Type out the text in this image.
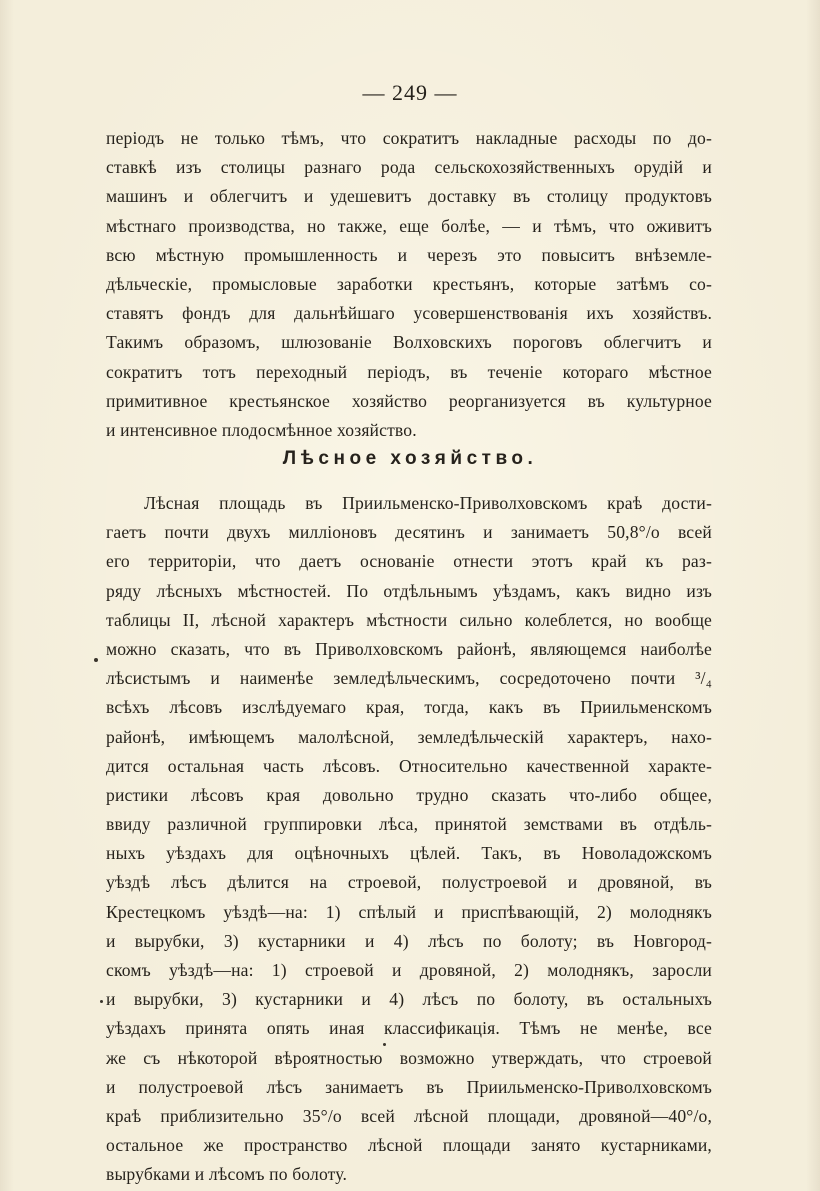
— 249 —
періодъ не только тѣмъ, что сократитъ накладные расходы по до-
ставкѣ изъ столицы разнаго рода сельскохозяйственныхъ орудій и
машинъ и облегчитъ и удешевитъ доставку въ столицу продуктовъ
мѣстнаго производства, но также, еще болѣе, — и тѣмъ, что оживитъ
всю мѣстную промышленность и черезъ это повыситъ внѣземле-
дѣльческіе, промысловые заработки крестьянъ, которые затѣмъ со-
ставятъ фондъ для дальнѣйшаго усовершенствованія ихъ хозяйствъ.
Такимъ образомъ, шлюзованіе Волховскихъ пороговъ облегчитъ и
сократитъ тотъ переходный періодъ, въ теченіе котораго мѣстное
примитивное крестьянское хозяйство реорганизуется въ культурное
и интенсивное плодосмѣнное хозяйство.
Лѣсное хозяйство.
Лѣсная площадь въ Приильменско-Приволховскомъ краѣ дости-
гаетъ почти двухъ милліоновъ десятинъ и занимаетъ 50,8°/о всей
его территоріи, что даетъ основаніе отнести этотъ край къ раз-
ряду лѣсныхъ мѣстностей. По отдѣльнымъ уѣздамъ, какъ видно изъ
таблицы II, лѣсной характеръ мѣстности сильно колеблется, но вообще
можно сказать, что въ Приволховскомъ районѣ, являющемся наиболѣе
лѣсистымъ и наименѣе земледѣльческимъ, сосредоточено почти ³/₄
всѣхъ лѣсовъ изслѣдуемаго края, тогда, какъ въ Приильменскомъ
районѣ, имѣющемъ малолѣсной, земледѣльческій характеръ, нахо-
дится остальная часть лѣсовъ. Относительно качественной характе-
ристики лѣсовъ края довольно трудно сказать что-либо общее,
ввиду различной группировки лѣса, принятой земствами въ отдѣль-
ныхъ уѣздахъ для оцѣночныхъ цѣлей. Такъ, въ Новоладожскомъ
уѣздѣ лѣсъ дѣлится на строевой, полустроевой и дровяной, въ
Крестецкомъ уѣздѣ—на: 1) спѣлый и приспѣвающій, 2) молоднякъ
и вырубки, 3) кустарники и 4) лѣсъ по болоту; въ Новгород-
скомъ уѣздѣ—на: 1) строевой и дровяной, 2) молоднякъ, заросли
и вырубки, 3) кустарники и 4) лѣсъ по болоту, въ остальныхъ
уѣздахъ принята опять иная классификація. Тѣмъ не менѣе, все
же съ нѣкоторой вѣроятностью возможно утверждать, что строевой
и полустроевой лѣсъ занимаетъ въ Приильменско-Приволховскомъ
краѣ приблизительно 35°/о всей лѣсной площади, дровяной—40°/о,
остальное же пространство лѣсной площади занято кустарниками,
вырубками и лѣсомъ по болоту.
